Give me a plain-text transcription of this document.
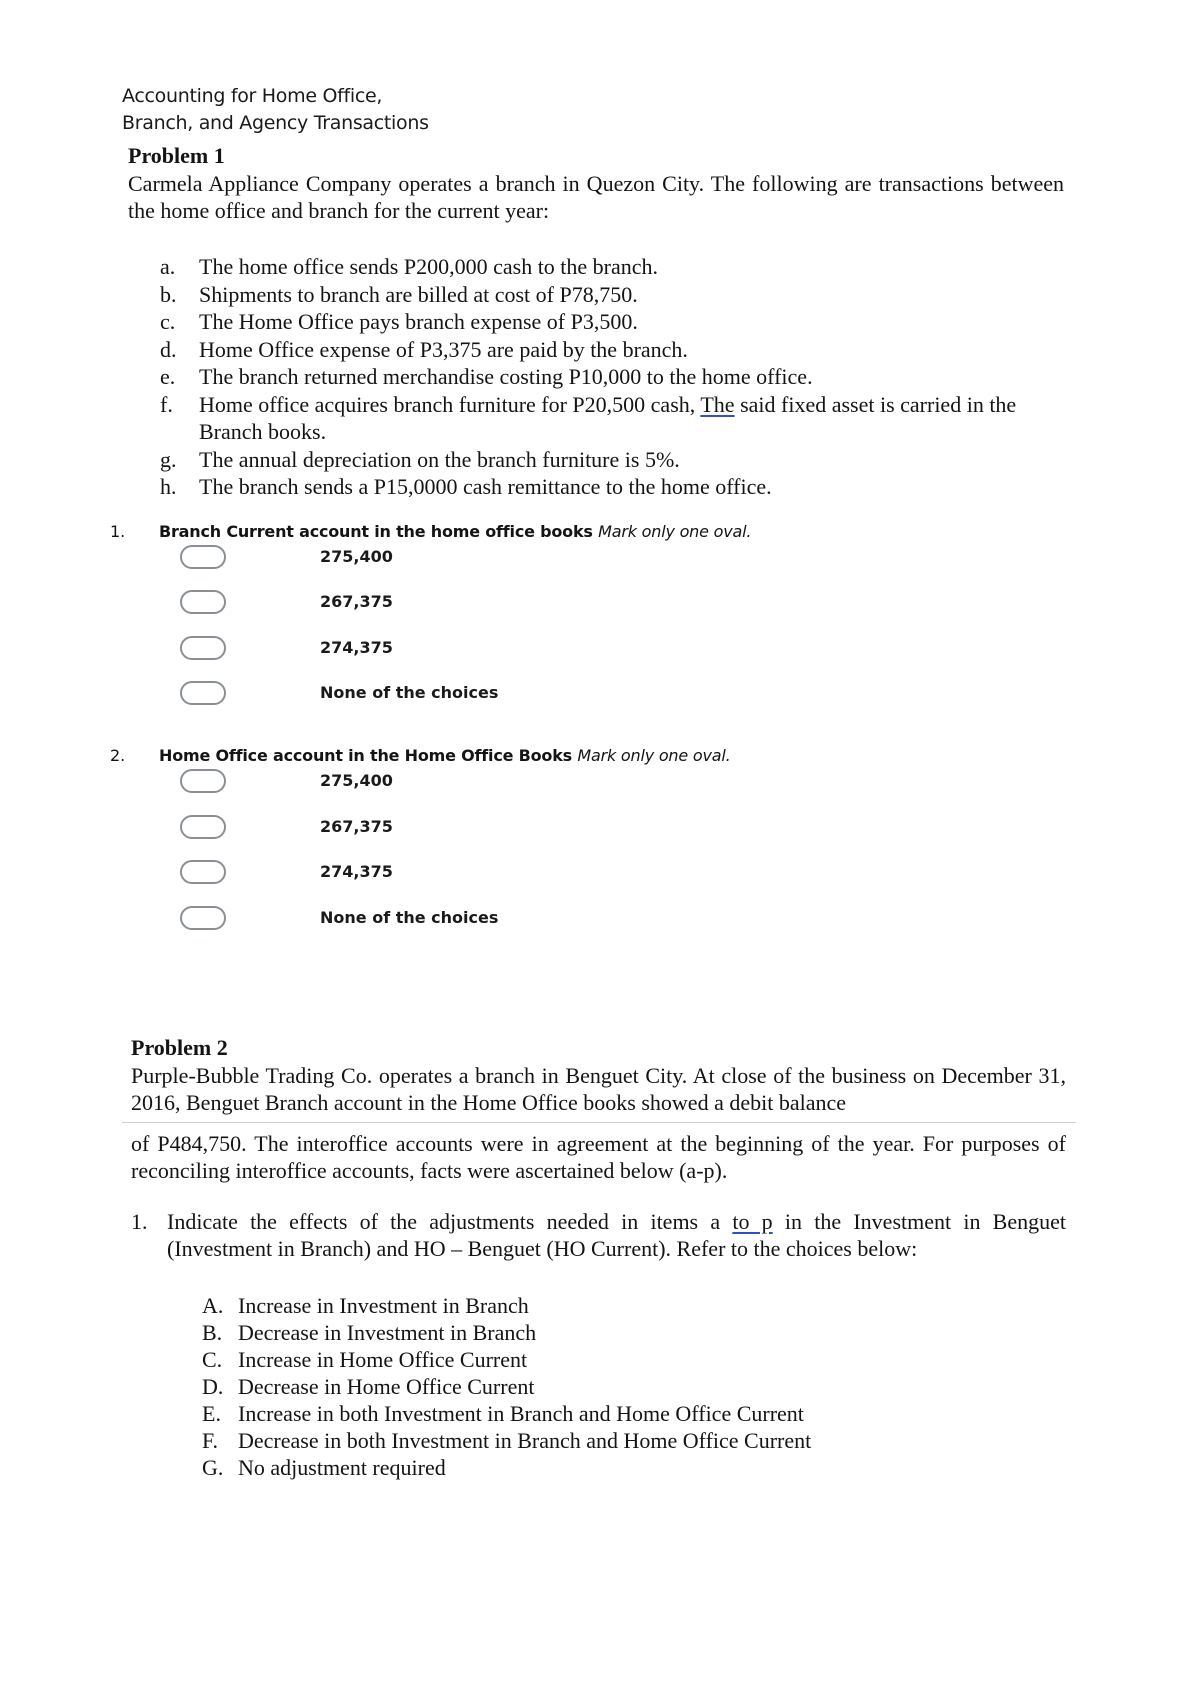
Accounting for Home Office,
Branch, and Agency Transactions
Problem 1
Carmela Appliance Company operates a branch in Quezon City. The following are transactions between the home office and branch for the current year:
a.	The home office sends P200,000 cash to the branch.
b.	Shipments to branch are billed at cost of P78,750.
c.	The Home Office pays branch expense of P3,500.
d.	Home Office expense of P3,375 are paid by the branch.
e.	The branch returned merchandise costing P10,000 to the home office.
f.	Home office acquires branch furniture for P20,500 cash, The said fixed asset is carried in the Branch books.
g.	The annual depreciation on the branch furniture is 5%.
h.	The branch sends a P15,0000 cash remittance to the home office.
1. Branch Current account in the home office books Mark only one oval.
275,400
267,375
274,375
None of the choices
2. Home Office account in the Home Office Books Mark only one oval.
275,400
267,375
274,375
None of the choices
Problem 2
Purple-Bubble Trading Co. operates a branch in Benguet City. At close of the business on December 31, 2016, Benguet Branch account in the Home Office books showed a debit balance
of P484,750. The interoffice accounts were in agreement at the beginning of the year. For purposes of reconciling interoffice accounts, facts were ascertained below (a-p).
1. Indicate the effects of the adjustments needed in items a to p in the Investment in Benguet (Investment in Branch) and HO – Benguet (HO Current). Refer to the choices below:
A. Increase in Investment in Branch
B. Decrease in Investment in Branch
C. Increase in Home Office Current
D. Decrease in Home Office Current
E. Increase in both Investment in Branch and Home Office Current
F. Decrease in both Investment in Branch and Home Office Current
G. No adjustment required
